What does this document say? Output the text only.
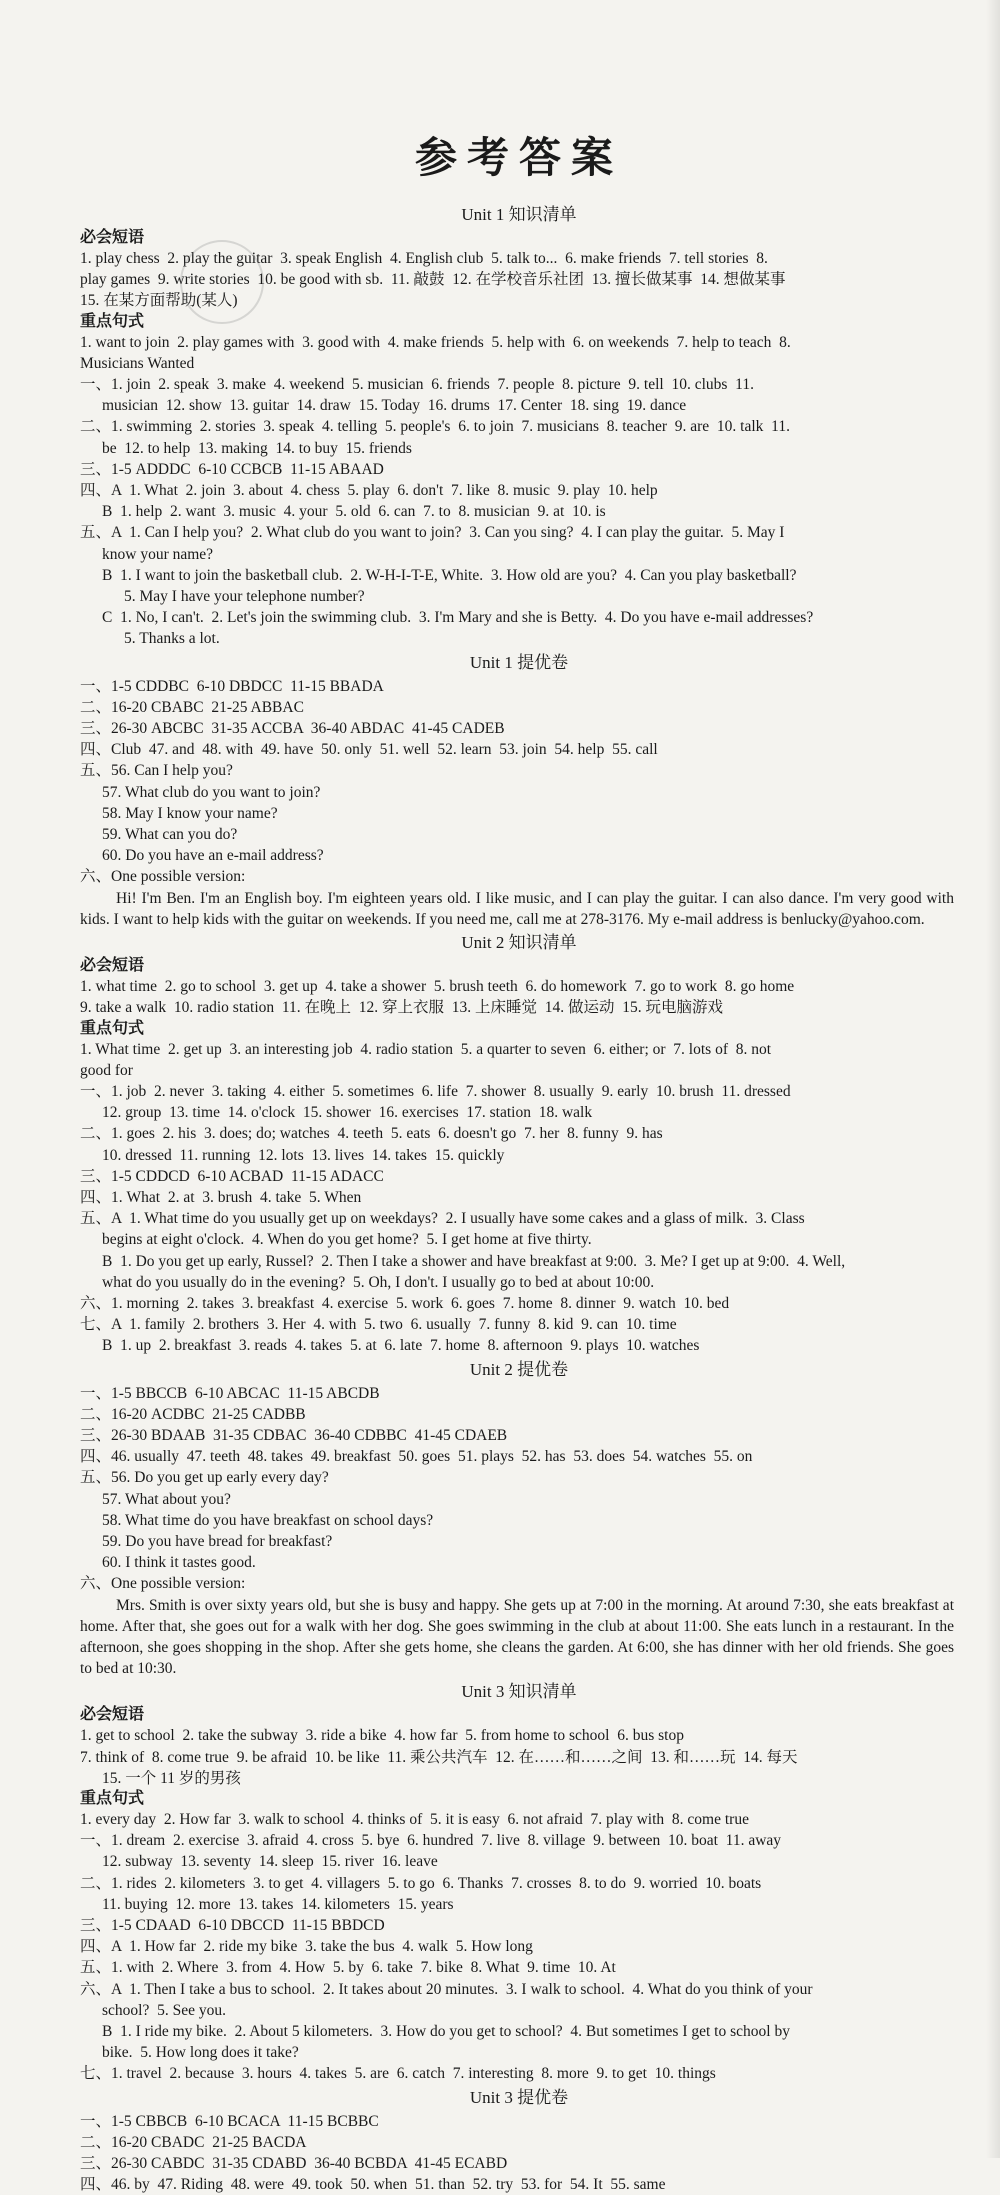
参考答案
Unit 1 知识清单
必会短语
1. play chess  2. play the guitar  3. speak English  4. English club  5. talk to...  6. make friends  7. tell stories  8.
play games  9. write stories  10. be good with sb.  11. 敲鼓  12. 在学校音乐社团  13. 擅长做某事  14. 想做某事
15. 在某方面帮助(某人)
重点句式
1. want to join  2. play games with  3. good with  4. make friends  5. help with  6. on weekends  7. help to teach  8.
Musicians Wanted
一、1. join  2. speak  3. make  4. weekend  5. musician  6. friends  7. people  8. picture  9. tell  10. clubs  11.
musician  12. show  13. guitar  14. draw  15. Today  16. drums  17. Center  18. sing  19. dance
二、1. swimming  2. stories  3. speak  4. telling  5. people's  6. to join  7. musicians  8. teacher  9. are  10. talk  11.
be  12. to help  13. making  14. to buy  15. friends
三、1-5 ADDDC  6-10 CCBCB  11-15 ABAAD
四、A  1. What  2. join  3. about  4. chess  5. play  6. don't  7. like  8. music  9. play  10. help
B  1. help  2. want  3. music  4. your  5. old  6. can  7. to  8. musician  9. at  10. is
五、A  1. Can I help you?  2. What club do you want to join?  3. Can you sing?  4. I can play the guitar.  5. May I
know your name?
B  1. I want to join the basketball club.  2. W-H-I-T-E, White.  3. How old are you?  4. Can you play basketball?
5. May I have your telephone number?
C  1. No, I can't.  2. Let's join the swimming club.  3. I'm Mary and she is Betty.  4. Do you have e-mail addresses?
5. Thanks a lot.
Unit 1 提优卷
一、1-5 CDDBC  6-10 DBDCC  11-15 BBADA
二、16-20 CBABC  21-25 ABBAC
三、26-30 ABCBC  31-35 ACCBA  36-40 ABDAC  41-45 CADEB
四、Club  47. and  48. with  49. have  50. only  51. well  52. learn  53. join  54. help  55. call
五、56. Can I help you?
57. What club do you want to join?
58. May I know your name?
59. What can you do?
60. Do you have an e-mail address?
六、One possible version:
Hi! I'm Ben. I'm an English boy. I'm eighteen years old. I like music, and I can play the guitar. I can also dance. I'm very good with kids. I want to help kids with the guitar on weekends. If you need me, call me at 278-3176. My e-mail address is benlucky@yahoo.com.
Unit 2 知识清单
必会短语
1. what time  2. go to school  3. get up  4. take a shower  5. brush teeth  6. do homework  7. go to work  8. go home
9. take a walk  10. radio station  11. 在晚上  12. 穿上衣服  13. 上床睡觉  14. 做运动  15. 玩电脑游戏
重点句式
1. What time  2. get up  3. an interesting job  4. radio station  5. a quarter to seven  6. either; or  7. lots of  8. not
good for
一、1. job  2. never  3. taking  4. either  5. sometimes  6. life  7. shower  8. usually  9. early  10. brush  11. dressed
12. group  13. time  14. o'clock  15. shower  16. exercises  17. station  18. walk
二、1. goes  2. his  3. does; do; watches  4. teeth  5. eats  6. doesn't go  7. her  8. funny  9. has
10. dressed  11. running  12. lots  13. lives  14. takes  15. quickly
三、1-5 CDDCD  6-10 ACBAD  11-15 ADACC
四、1. What  2. at  3. brush  4. take  5. When
五、A  1. What time do you usually get up on weekdays?  2. I usually have some cakes and a glass of milk.  3. Class
begins at eight o'clock.  4. When do you get home?  5. I get home at five thirty.
B  1. Do you get up early, Russel?  2. Then I take a shower and have breakfast at 9:00.  3. Me? I get up at 9:00.  4. Well,
what do you usually do in the evening?  5. Oh, I don't. I usually go to bed at about 10:00.
六、1. morning  2. takes  3. breakfast  4. exercise  5. work  6. goes  7. home  8. dinner  9. watch  10. bed
七、A  1. family  2. brothers  3. Her  4. with  5. two  6. usually  7. funny  8. kid  9. can  10. time
B  1. up  2. breakfast  3. reads  4. takes  5. at  6. late  7. home  8. afternoon  9. plays  10. watches
Unit 2 提优卷
一、1-5 BBCCB  6-10 ABCAC  11-15 ABCDB
二、16-20 ACDBC  21-25 CADBB
三、26-30 BDAAB  31-35 CDBAC  36-40 CDBBC  41-45 CDAEB
四、46. usually  47. teeth  48. takes  49. breakfast  50. goes  51. plays  52. has  53. does  54. watches  55. on
五、56. Do you get up early every day?
57. What about you?
58. What time do you have breakfast on school days?
59. Do you have bread for breakfast?
60. I think it tastes good.
六、One possible version:
Mrs. Smith is over sixty years old, but she is busy and happy. She gets up at 7:00 in the morning. At around 7:30, she eats breakfast at home. After that, she goes out for a walk with her dog. She goes swimming in the club at about 11:00. She eats lunch in a restaurant. In the afternoon, she goes shopping in the shop. After she gets home, she cleans the garden. At 6:00, she has dinner with her old friends. She goes to bed at 10:30.
Unit 3 知识清单
必会短语
1. get to school  2. take the subway  3. ride a bike  4. how far  5. from home to school  6. bus stop
7. think of  8. come true  9. be afraid  10. be like  11. 乘公共汽车  12. 在……和……之间  13. 和……玩  14. 每天
15. 一个 11 岁的男孩
重点句式
1. every day  2. How far  3. walk to school  4. thinks of  5. it is easy  6. not afraid  7. play with  8. come true
一、1. dream  2. exercise  3. afraid  4. cross  5. bye  6. hundred  7. live  8. village  9. between  10. boat  11. away
12. subway  13. seventy  14. sleep  15. river  16. leave
二、1. rides  2. kilometers  3. to get  4. villagers  5. to go  6. Thanks  7. crosses  8. to do  9. worried  10. boats
11. buying  12. more  13. takes  14. kilometers  15. years
三、1-5 CDAAD  6-10 DBCCD  11-15 BBDCD
四、A  1. How far  2. ride my bike  3. take the bus  4. walk  5. How long
五、1. with  2. Where  3. from  4. How  5. by  6. take  7. bike  8. What  9. time  10. At
六、A  1. Then I take a bus to school.  2. It takes about 20 minutes.  3. I walk to school.  4. What do you think of your
school?  5. See you.
B  1. I ride my bike.  2. About 5 kilometers.  3. How do you get to school?  4. But sometimes I get to school by
bike.  5. How long does it take?
七、1. travel  2. because  3. hours  4. takes  5. are  6. catch  7. interesting  8. more  9. to get  10. things
Unit 3 提优卷
一、1-5 CBBCB  6-10 BCACA  11-15 BCBBC
二、16-20 CBADC  21-25 BACDA
三、26-30 CABDC  31-35 CDABD  36-40 BCBDA  41-45 ECABD
四、46. by  47. Riding  48. were  49. took  50. when  51. than  52. try  53. for  54. It  55. same
